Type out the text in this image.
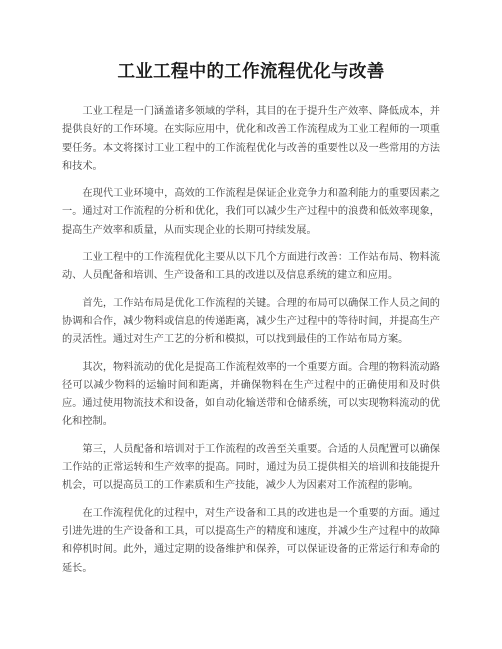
工业工程中的工作流程优化与改善

工业工程是一门涵盖诸多领域的学科，其目的在于提升生产效率、降低成本，并提供良好的工作环境。在实际应用中，优化和改善工作流程成为工业工程师的一项重要任务。本文将探讨工业工程中的工作流程优化与改善的重要性以及一些常用的方法和技术。

在现代工业环境中，高效的工作流程是保证企业竞争力和盈利能力的重要因素之一。通过对工作流程的分析和优化，我们可以减少生产过程中的浪费和低效率现象，提高生产效率和质量，从而实现企业的长期可持续发展。

工业工程中的工作流程优化主要从以下几个方面进行改善：工作站布局、物料流动、人员配备和培训、生产设备和工具的改进以及信息系统的建立和应用。

首先，工作站布局是优化工作流程的关键。合理的布局可以确保工作人员之间的协调和合作，减少物料或信息的传递距离，减少生产过程中的等待时间，并提高生产的灵活性。通过对生产工艺的分析和模拟，可以找到最佳的工作站布局方案。

其次，物料流动的优化是提高工作流程效率的一个重要方面。合理的物料流动路径可以减少物料的运输时间和距离，并确保物料在生产过程中的正确使用和及时供应。通过使用物流技术和设备，如自动化输送带和仓储系统，可以实现物料流动的优化和控制。

第三，人员配备和培训对于工作流程的改善至关重要。合适的人员配置可以确保工作站的正常运转和生产效率的提高。同时，通过为员工提供相关的培训和技能提升机会，可以提高员工的工作素质和生产技能，减少人为因素对工作流程的影响。

在工作流程优化的过程中，对生产设备和工具的改进也是一个重要的方面。通过引进先进的生产设备和工具，可以提高生产的精度和速度，并减少生产过程中的故障和停机时间。此外，通过定期的设备维护和保养，可以保证设备的正常运行和寿命的延长。
